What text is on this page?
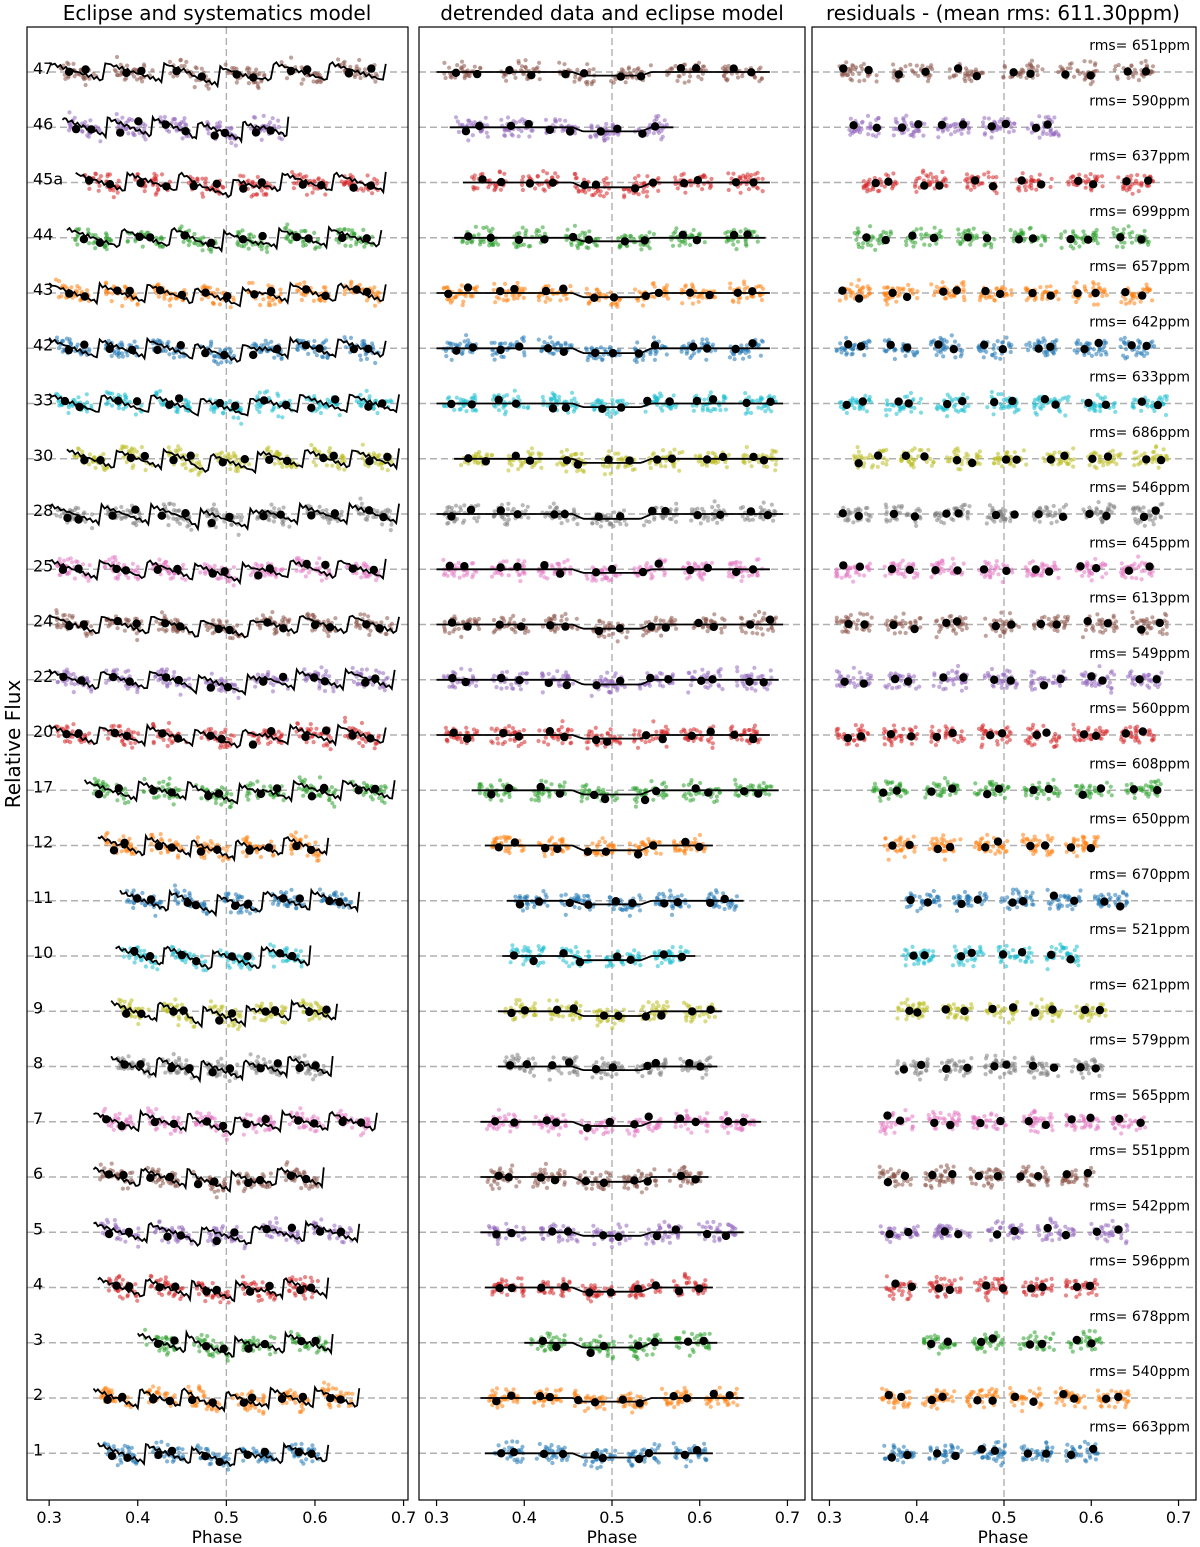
Relative Flux
Eclipse and systematics model
Phase
0.3	0.4	0.5	0.6	0.7
47
46
45a
44
43
42
33
30
28
25
24
22
20
17
12
11
10
9
8
7
6
5
4
3
2
1
detrended data and eclipse model
Phase
0.3	0.4	0.5	0.6	0.7
residuals - (mean rms: 611.30ppm)
Phase
0.3	0.4	0.5	0.6	0.7
rms= 651ppm
rms= 590ppm
rms= 637ppm
rms= 699ppm
rms= 657ppm
rms= 642ppm
rms= 633ppm
rms= 686ppm
rms= 546ppm
rms= 645ppm
rms= 613ppm
rms= 549ppm
rms= 560ppm
rms= 608ppm
rms= 650ppm
rms= 670ppm
rms= 521ppm
rms= 621ppm
rms= 579ppm
rms= 565ppm
rms= 551ppm
rms= 542ppm
rms= 596ppm
rms= 678ppm
rms= 540ppm
rms= 663ppm
